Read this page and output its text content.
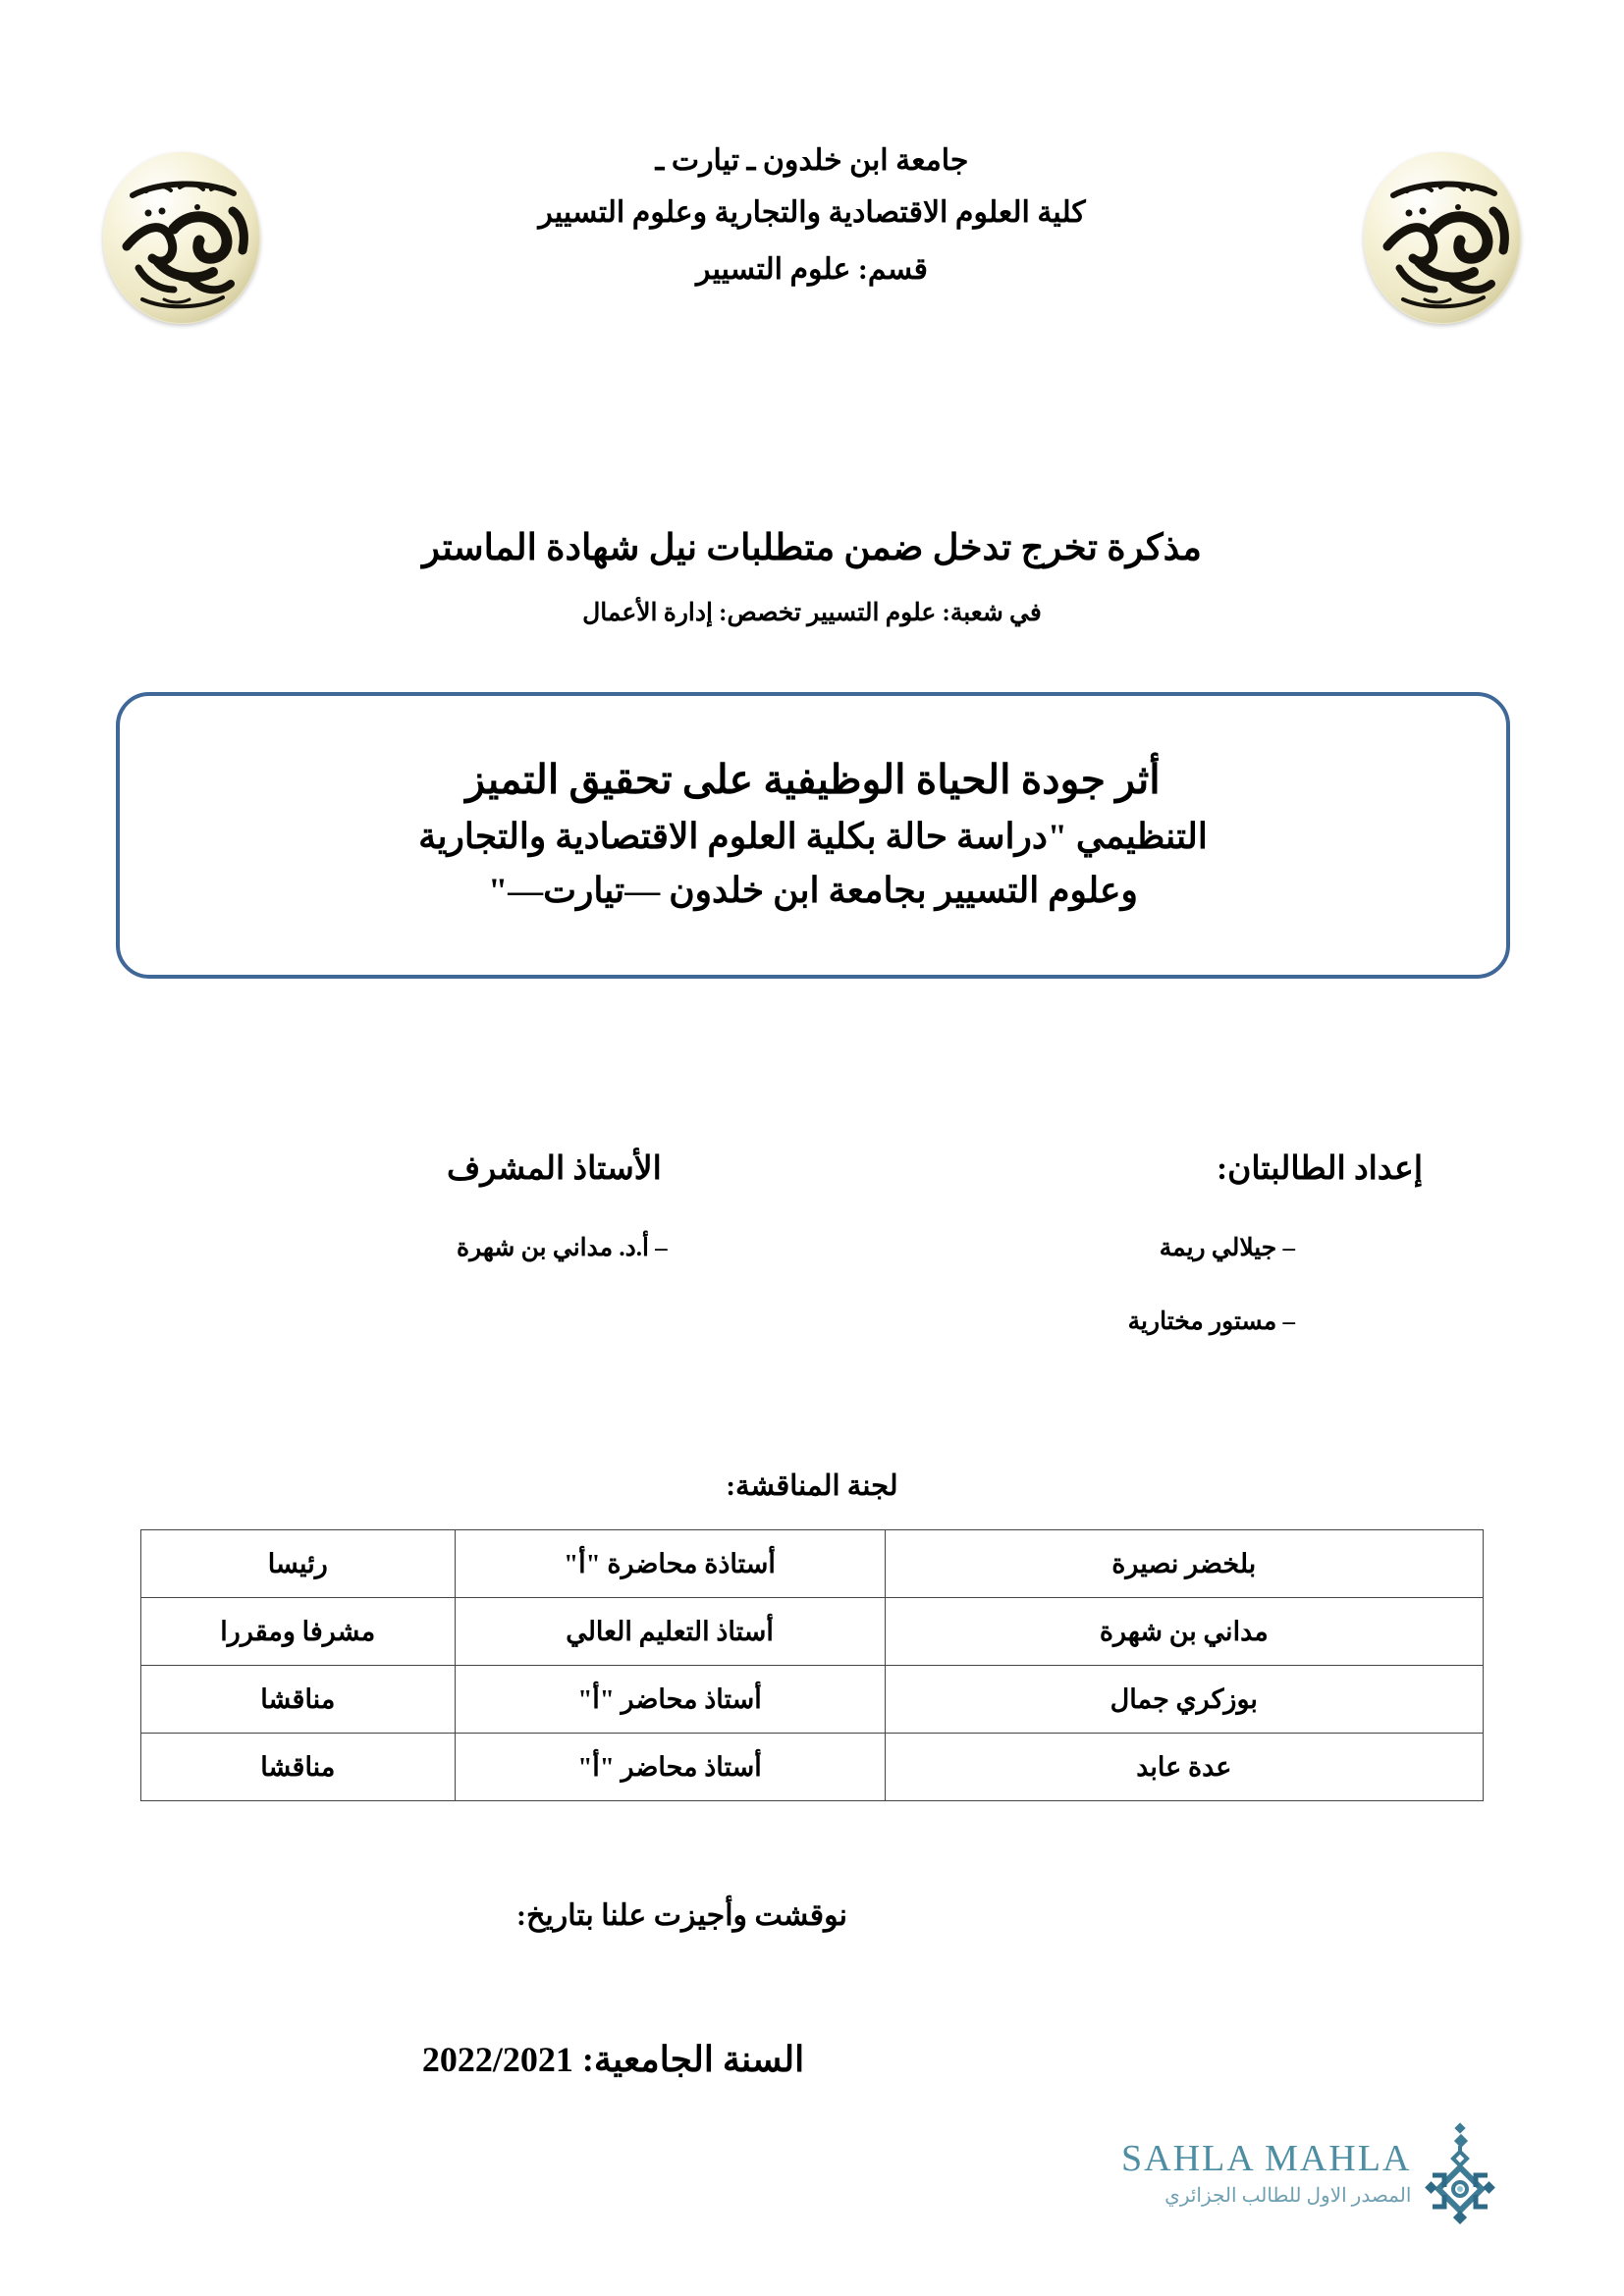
جامعة ابن خلدون ـ تيارت ـ
كلية العلوم الاقتصادية والتجارية وعلوم التسيير
قسم: علوم التسيير
مذكرة تخرج تدخل ضمن متطلبات نيل شهادة الماستر
في شعبة: علوم التسيير تخصص: إدارة الأعمال
أثر جودة الحياة الوظيفية على تحقيق التميز
التنظيمي "دراسة حالة بكلية العلوم الاقتصادية والتجارية
وعلوم التسيير بجامعة ابن خلدون —تيارت—"
إعداد الطالبتان:
الأستاذ المشرف
– جيلالي ريمة
– مستور مختارية
– أ.د. مداني بن شهرة
لجنة المناقشة:
بلخضر نصيرة	أستاذة محاضرة "أ"	رئيسا
مداني بن شهرة	أستاذ التعليم العالي	مشرفا ومقررا
بوزكري جمال	أستاذ محاضر "أ"	مناقشا
عدة عابد	أستاذ محاضر "أ"	مناقشا
نوقشت وأجيزت علنا بتاريخ:
السنة الجامعية: 2022/2021
SAHLA MAHLA
المصدر الاول للطالب الجزائري
